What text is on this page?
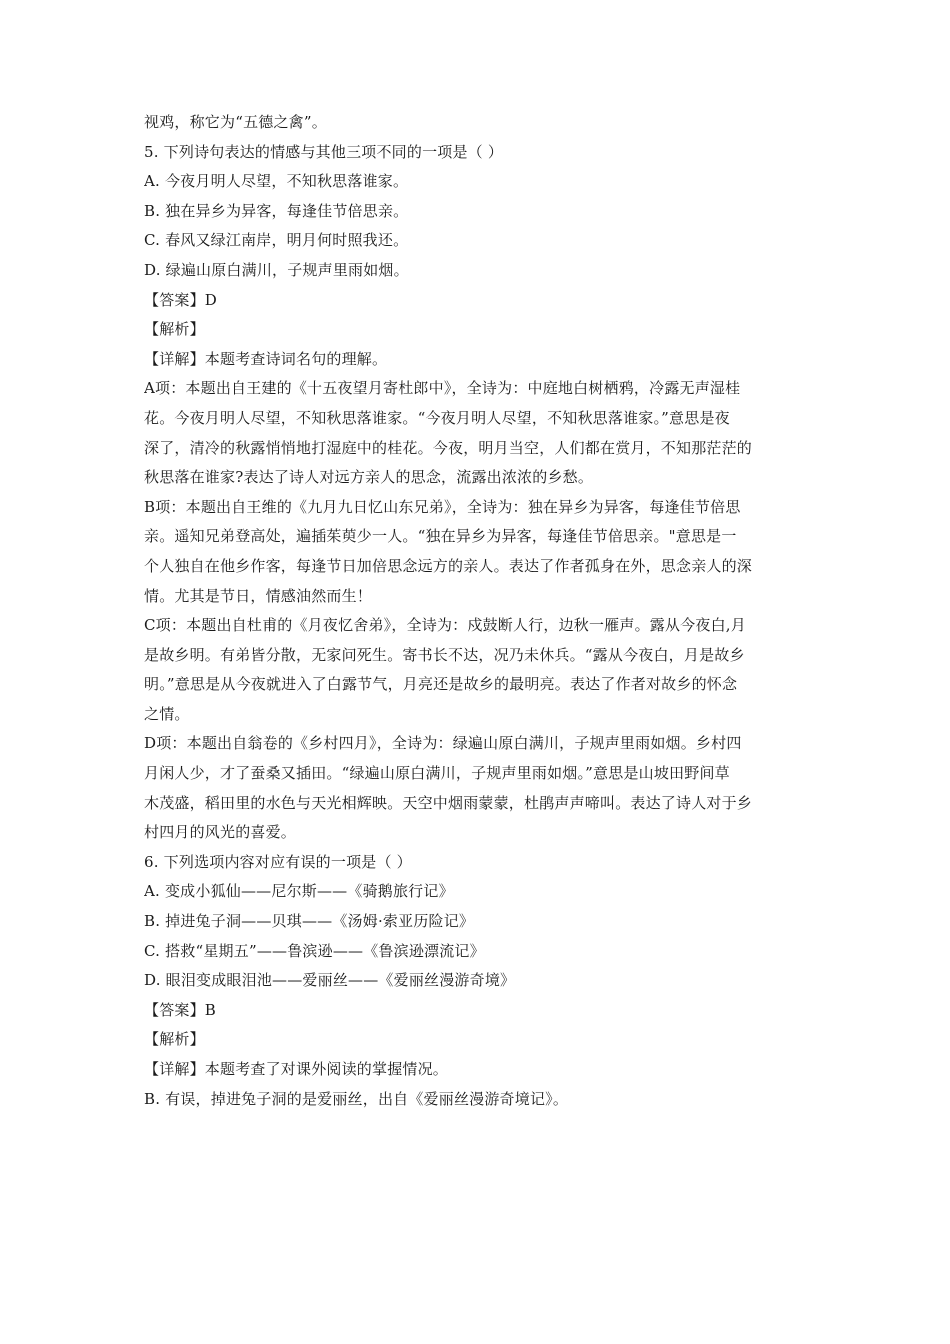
视鸡，称它为“五德之禽”。
5. 下列诗句表达的情感与其他三项不同的一项是（ ）
A. 今夜月明人尽望，不知秋思落谁家。
B. 独在异乡为异客，每逢佳节倍思亲。
C. 春风又绿江南岸，明月何时照我还。
D. 绿遍山原白满川，子规声里雨如烟。
【答案】D
【解析】
【详解】本题考查诗词名句的理解。
A项：本题出自王建的《十五夜望月寄杜郎中》，全诗为：中庭地白树栖鸦，冷露无声湿桂
花。今夜月明人尽望，不知秋思落谁家。“今夜月明人尽望，不知秋思落谁家。”意思是夜
深了，清冷的秋露悄悄地打湿庭中的桂花。今夜，明月当空，人们都在赏月，不知那茫茫的
秋思落在谁家?表达了诗人对远方亲人的思念，流露出浓浓的乡愁。
B项：本题出自王维的《九月九日忆山东兄弟》，全诗为：独在异乡为异客，每逢佳节倍思
亲。遥知兄弟登高处，遍插茱萸少一人。“独在异乡为异客，每逢佳节倍思亲。"意思是一
个人独自在他乡作客，每逢节日加倍思念远方的亲人。表达了作者孤身在外，思念亲人的深
情。尤其是节日，情感油然而生！
C项：本题出自杜甫的《月夜忆舍弟》，全诗为：戍鼓断人行，边秋一雁声。露从今夜白,月
是故乡明。有弟皆分散，无家问死生。寄书长不达，况乃未休兵。“露从今夜白，月是故乡
明。”意思是从今夜就进入了白露节气，月亮还是故乡的最明亮。表达了作者对故乡的怀念
之情。
D项：本题出自翁卷的《乡村四月》，全诗为：绿遍山原白满川，子规声里雨如烟。乡村四
月闲人少，才了蚕桑又插田。“绿遍山原白满川，子规声里雨如烟。”意思是山坡田野间草
木茂盛，稻田里的水色与天光相辉映。天空中烟雨蒙蒙，杜鹃声声啼叫。表达了诗人对于乡
村四月的风光的喜爱。
6. 下列选项内容对应有误的一项是（ ）
A. 变成小狐仙——尼尔斯——《骑鹅旅行记》
B. 掉进兔子洞——贝琪——《汤姆·索亚历险记》
C. 搭救“星期五”——鲁滨逊——《鲁滨逊漂流记》
D. 眼泪变成眼泪池——爱丽丝——《爱丽丝漫游奇境》
【答案】B
【解析】
【详解】本题考查了对课外阅读的掌握情况。
B. 有误，掉进兔子洞的是爱丽丝，出自《爱丽丝漫游奇境记》。
